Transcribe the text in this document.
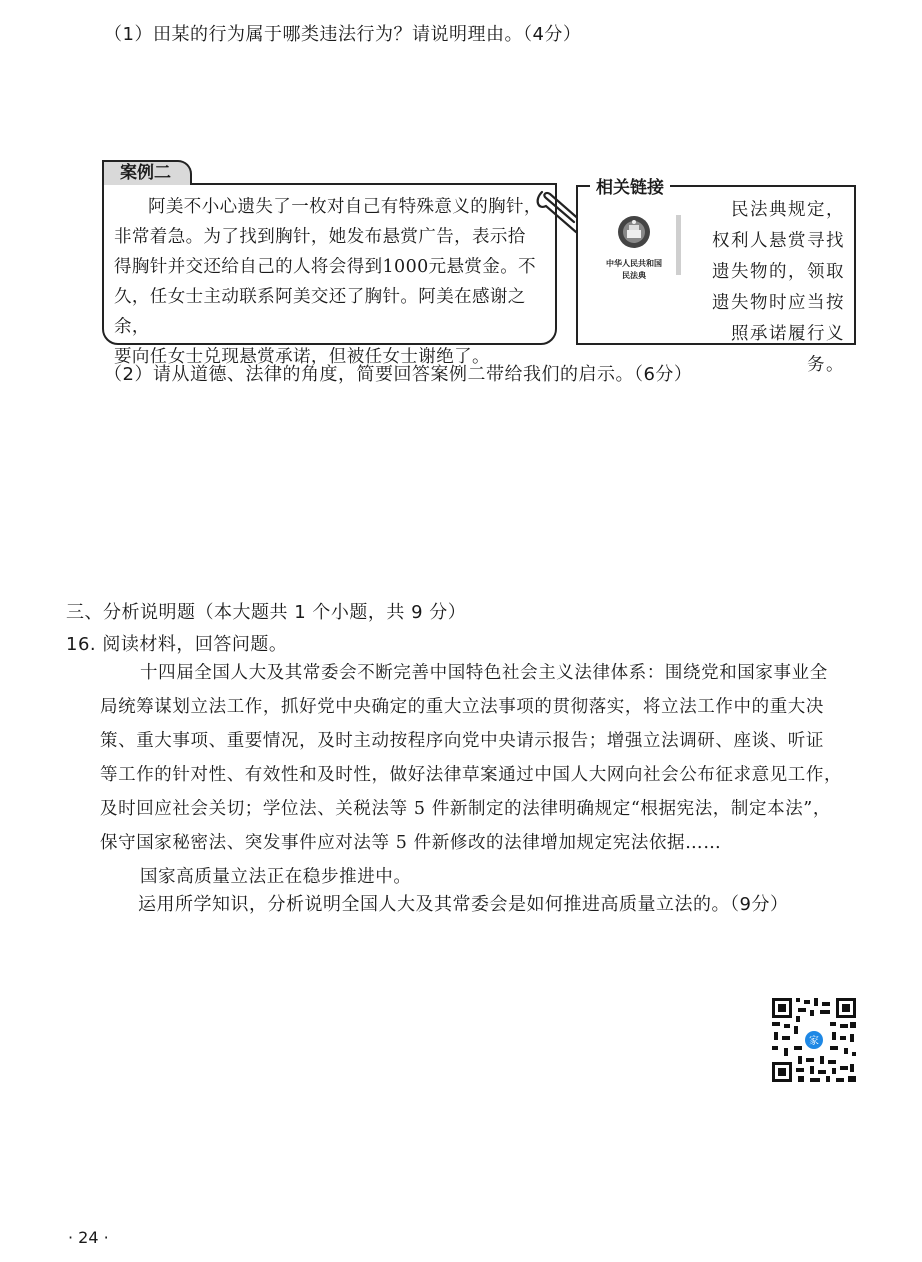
（1）田某的行为属于哪类违法行为？请说明理由。（4分）
案例二
阿美不小心遗失了一枚对自己有特殊意义的胸针，
非常着急。为了找到胸针，她发布悬赏广告，表示拾
得胸针并交还给自己的人将会得到1000元悬赏金。不
久，任女士主动联系阿美交还了胸针。阿美在感谢之余，
要向任女士兑现悬赏承诺，但被任女士谢绝了。
相关链接
中华人民共和国
民法典
民法典规定，
权利人悬赏寻找
遗失物的，领取
遗失物时应当按
照承诺履行义务。
（2）请从道德、法律的角度，简要回答案例二带给我们的启示。（6分）
三、分析说明题（本大题共 1 个小题，共 9 分）
16. 阅读材料，回答问题。
十四届全国人大及其常委会不断完善中国特色社会主义法律体系：围绕党和国家事业全
局统筹谋划立法工作，抓好党中央确定的重大立法事项的贯彻落实，将立法工作中的重大决
策、重大事项、重要情况，及时主动按程序向党中央请示报告；增强立法调研、座谈、听证
等工作的针对性、有效性和及时性，做好法律草案通过中国人大网向社会公布征求意见工作，
及时回应社会关切；学位法、关税法等 5 件新制定的法律明确规定“根据宪法，制定本法”，
保守国家秘密法、突发事件应对法等 5 件新修改的法律增加规定宪法依据……
国家高质量立法正在稳步推进中。
运用所学知识，分析说明全国人大及其常委会是如何推进高质量立法的。（9分）
家
· 24 ·
